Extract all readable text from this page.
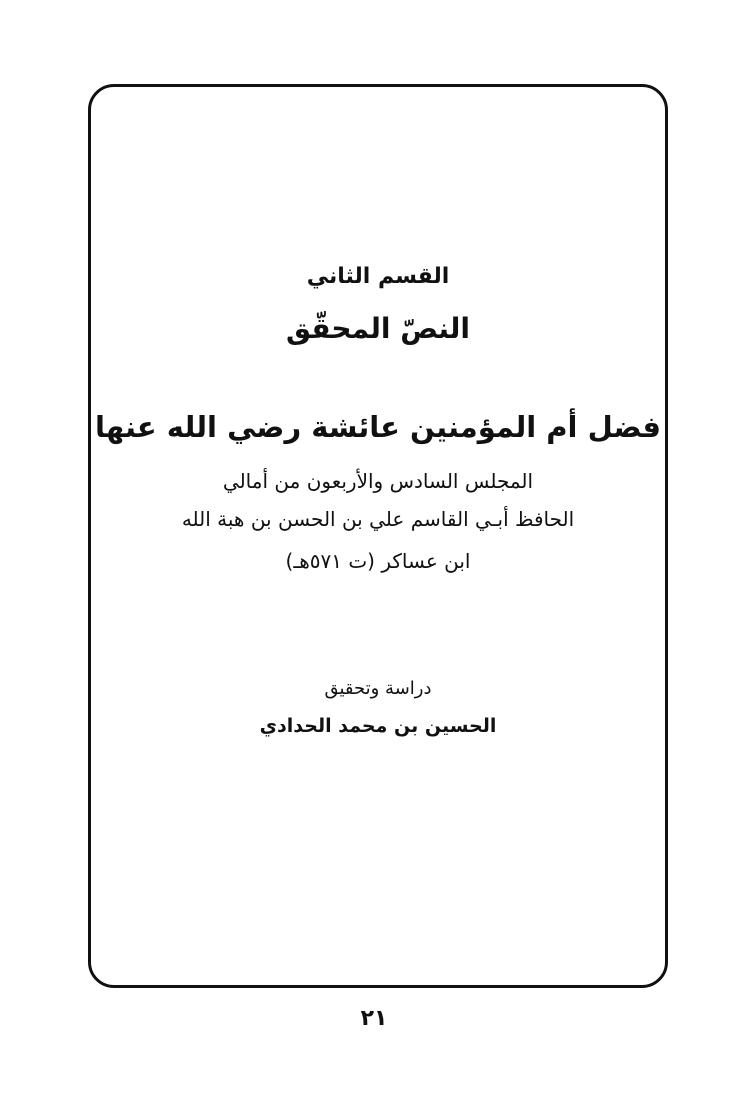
القسم الثاني
النصّ المحقّق
فضل أم المؤمنين عائشة رضي الله عنها

المجلس السادس والأربعون من أمالي

الحافظ أبـي القاسم علي بن الحسن بن هبة الله

ابن عساكر (ت ٥٧١هـ)

دراسة وتحقيق

الحسين بن محمد الحدادي

٢١
